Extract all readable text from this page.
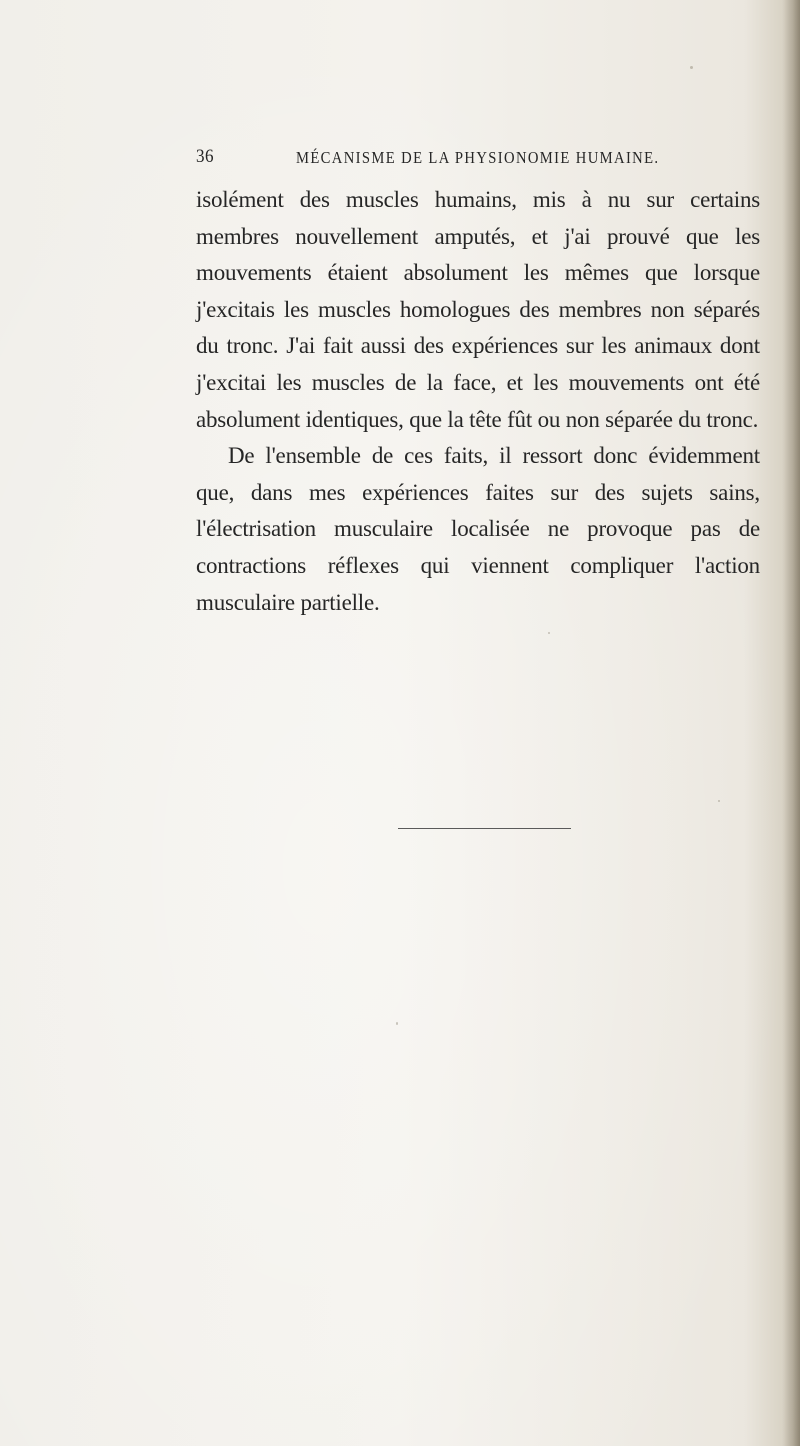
36	MÉCANISME DE LA PHYSIONOMIE HUMAINE.

isolément des muscles humains, mis à nu sur certains membres nouvellement amputés, et j'ai prouvé que les mouvements étaient absolument les mêmes que lorsque j'excitais les muscles homologues des membres non séparés du tronc. J'ai fait aussi des expériences sur les animaux dont j'excitai les muscles de la face, et les mouvements ont été absolument identiques, que la tête fût ou non séparée du tronc.

De l'ensemble de ces faits, il ressort donc évidemment que, dans mes expériences faites sur des sujets sains, l'électrisation musculaire localisée ne provoque pas de contractions réflexes qui viennent compliquer l'action musculaire partielle.
